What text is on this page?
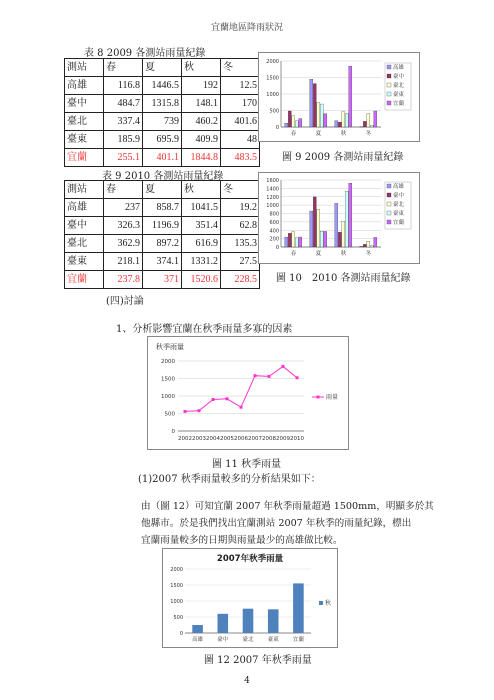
宜蘭地區降雨狀況
表 8 2009 各測站雨量紀錄
測站	春	夏	秋	冬
高雄	116.8	1446.5	192	12.5
臺中	484.7	1315.8	148.1	170
臺北	337.4	739	460.2	401.6
臺東	185.9	695.9	409.9	48
宜蘭	255.1	401.1	1844.8	483.5
0
500
1000
1500
2000
春	夏	秋	冬
高雄
臺中
臺北
臺東
宜蘭
圖 9 2009 各測站雨量紀錄
表 9 2010 各測站雨量紀錄
測站	春	夏	秋	冬
高雄	237	858.7	1041.5	19.2
臺中	326.3	1196.9	351.4	62.8
臺北	362.9	897.2	616.9	135.3
臺東	218.1	374.1	1331.2	27.5
宜蘭	237.8	371	1520.6	228.5
0
200
400
600
800
1000
1200
1400
1600
春	夏	秋	冬
高雄
臺中
臺北
臺東
宜蘭
圖 10　2010 各測站雨量紀錄
(四)討論
1、分析影響宜蘭在秋季雨量多寡的因素
秋季雨量
0
500
1000
1500
2000
2002 2003 2004 2005 2006 2007 2008 2009 2010
雨量
圖 11 秋季雨量
(1)2007 秋季雨量較多的分析結果如下：
由（圖 12）可知宜蘭 2007 年秋季雨量超過 1500mm，明顯多於其
他縣市。於是我們找出宜蘭測站 2007 年秋季的雨量紀錄，標出
宜蘭雨量較多的日期與雨量最少的高雄做比較。
2007年秋季雨量
0
500
1000
1500
2000
高雄	臺中	臺北	臺東	宜蘭
秋
圖 12 2007 年秋季雨量
4
